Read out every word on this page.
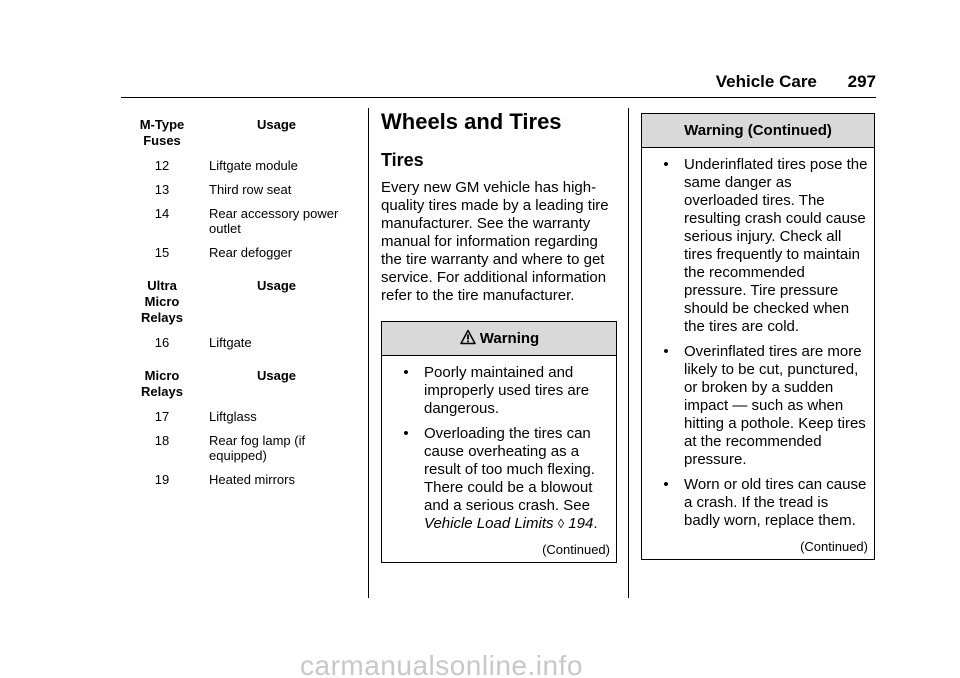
Vehicle Care 297
M-Type
Fuses	Usage

12	Liftgate module

13	Third row seat

14	Rear accessory power outlet

15	Rear defogger
Ultra
Micro
Relays	Usage

16	Liftgate
Micro
Relays	Usage

17	Liftglass

18	Rear fog lamp (if equipped)

19	Heated mirrors
Wheels and Tires
Tires

Every new GM vehicle has high-quality tires made by a leading tire manufacturer. See the warranty manual for information regarding the tire warranty and where to get service. For additional information refer to the tire manufacturer.

Warning
•	Poorly maintained and improperly used tires are dangerous.
•	Overloading the tires can cause overheating as a result of too much flexing. There could be a blowout and a serious crash. See Vehicle Load Limits ◊ 194.
(Continued)
Warning (Continued)
•	Underinflated tires pose the same danger as overloaded tires. The resulting crash could cause serious injury. Check all tires frequently to maintain the recommended pressure. Tire pressure should be checked when the tires are cold.
•	Overinflated tires are more likely to be cut, punctured, or broken by a sudden impact — such as when hitting a pothole. Keep tires at the recommended pressure.
•	Worn or old tires can cause a crash. If the tread is badly worn, replace them.
(Continued)
carmanualsonline.info
